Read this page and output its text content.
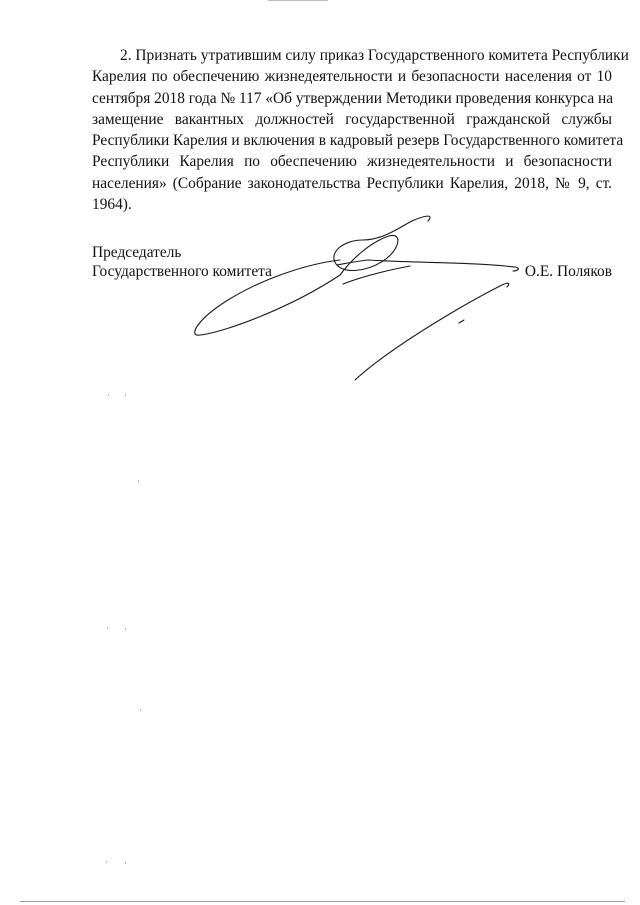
2. Признать утратившим силу приказ Государственного комитета Республики
Карелия по обеспечению жизнедеятельности и безопасности населения от 10
сентября 2018 года № 117 «Об утверждении Методики проведения конкурса на
замещение вакантных должностей государственной гражданской службы
Республики Карелия и включения в кадровый резерв Государственного комитета
Республики Карелия по обеспечению жизнедеятельности и безопасности
населения» (Собрание законодательства Республики Карелия, 2018, № 9, ст.
1964).
Председатель
Государственного комитета	О.Е. Поляков
· ·
·
· ·
·
· ·
